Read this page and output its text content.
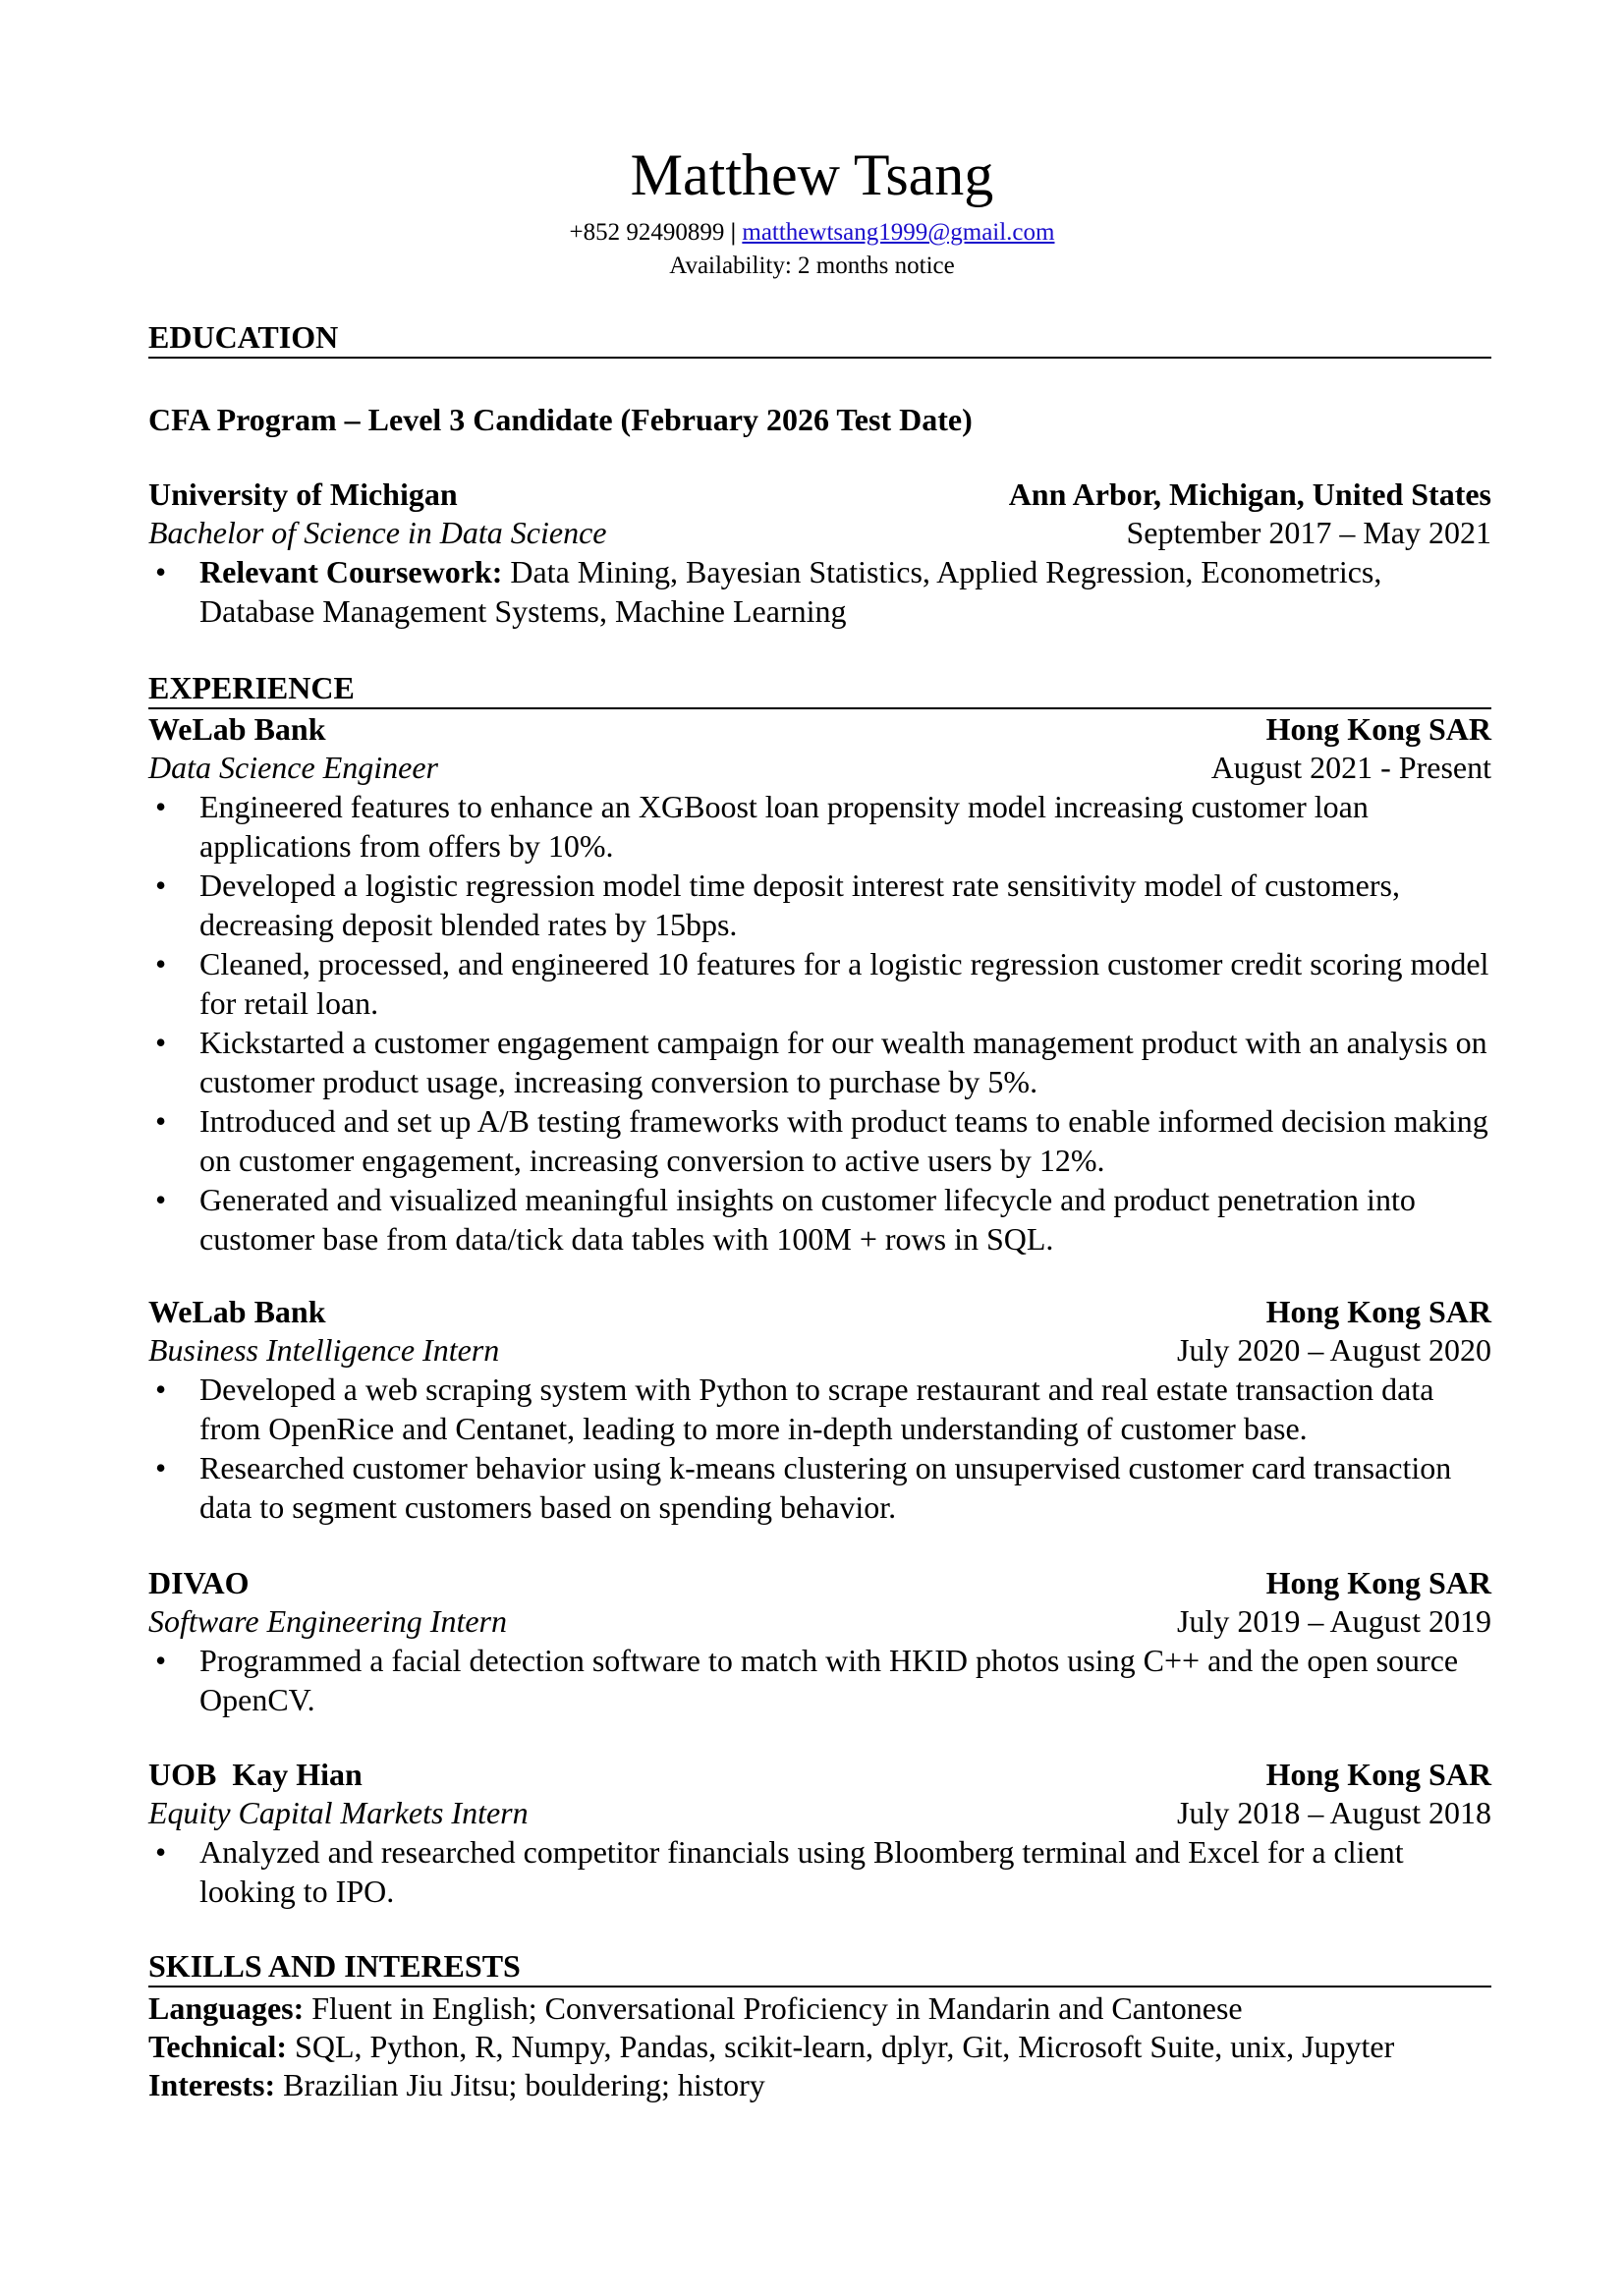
Matthew Tsang
+852 92490899 | matthewtsang1999@gmail.com
Availability: 2 months notice
EDUCATION
CFA Program – Level 3 Candidate (February 2026 Test Date)
University of Michigan	Ann Arbor, Michigan, United States
Bachelor of Science in Data Science	September 2017 – May 2021
• Relevant Coursework: Data Mining, Bayesian Statistics, Applied Regression, Econometrics, Database Management Systems, Machine Learning
EXPERIENCE
WeLab Bank	Hong Kong SAR
Data Science Engineer	August 2021 - Present
• Engineered features to enhance an XGBoost loan propensity model increasing customer loan applications from offers by 10%.
• Developed a logistic regression model time deposit interest rate sensitivity model of customers, decreasing deposit blended rates by 15bps.
• Cleaned, processed, and engineered 10 features for a logistic regression customer credit scoring model for retail loan.
• Kickstarted a customer engagement campaign for our wealth management product with an analysis on customer product usage, increasing conversion to purchase by 5%.
• Introduced and set up A/B testing frameworks with product teams to enable informed decision making on customer engagement, increasing conversion to active users by 12%.
• Generated and visualized meaningful insights on customer lifecycle and product penetration into customer base from data/tick data tables with 100M + rows in SQL.
WeLab Bank	Hong Kong SAR
Business Intelligence Intern	July 2020 – August 2020
• Developed a web scraping system with Python to scrape restaurant and real estate transaction data from OpenRice and Centanet, leading to more in-depth understanding of customer base.
• Researched customer behavior using k-means clustering on unsupervised customer card transaction data to segment customers based on spending behavior.
DIVAO	Hong Kong SAR
Software Engineering Intern	July 2019 – August 2019
• Programmed a facial detection software to match with HKID photos using C++ and the open source OpenCV.
UOB  Kay Hian	Hong Kong SAR
Equity Capital Markets Intern	July 2018 – August 2018
• Analyzed and researched competitor financials using Bloomberg terminal and Excel for a client looking to IPO.
SKILLS AND INTERESTS
Languages: Fluent in English; Conversational Proficiency in Mandarin and Cantonese
Technical: SQL, Python, R, Numpy, Pandas, scikit-learn, dplyr, Git, Microsoft Suite, unix, Jupyter
Interests: Brazilian Jiu Jitsu; bouldering; history
